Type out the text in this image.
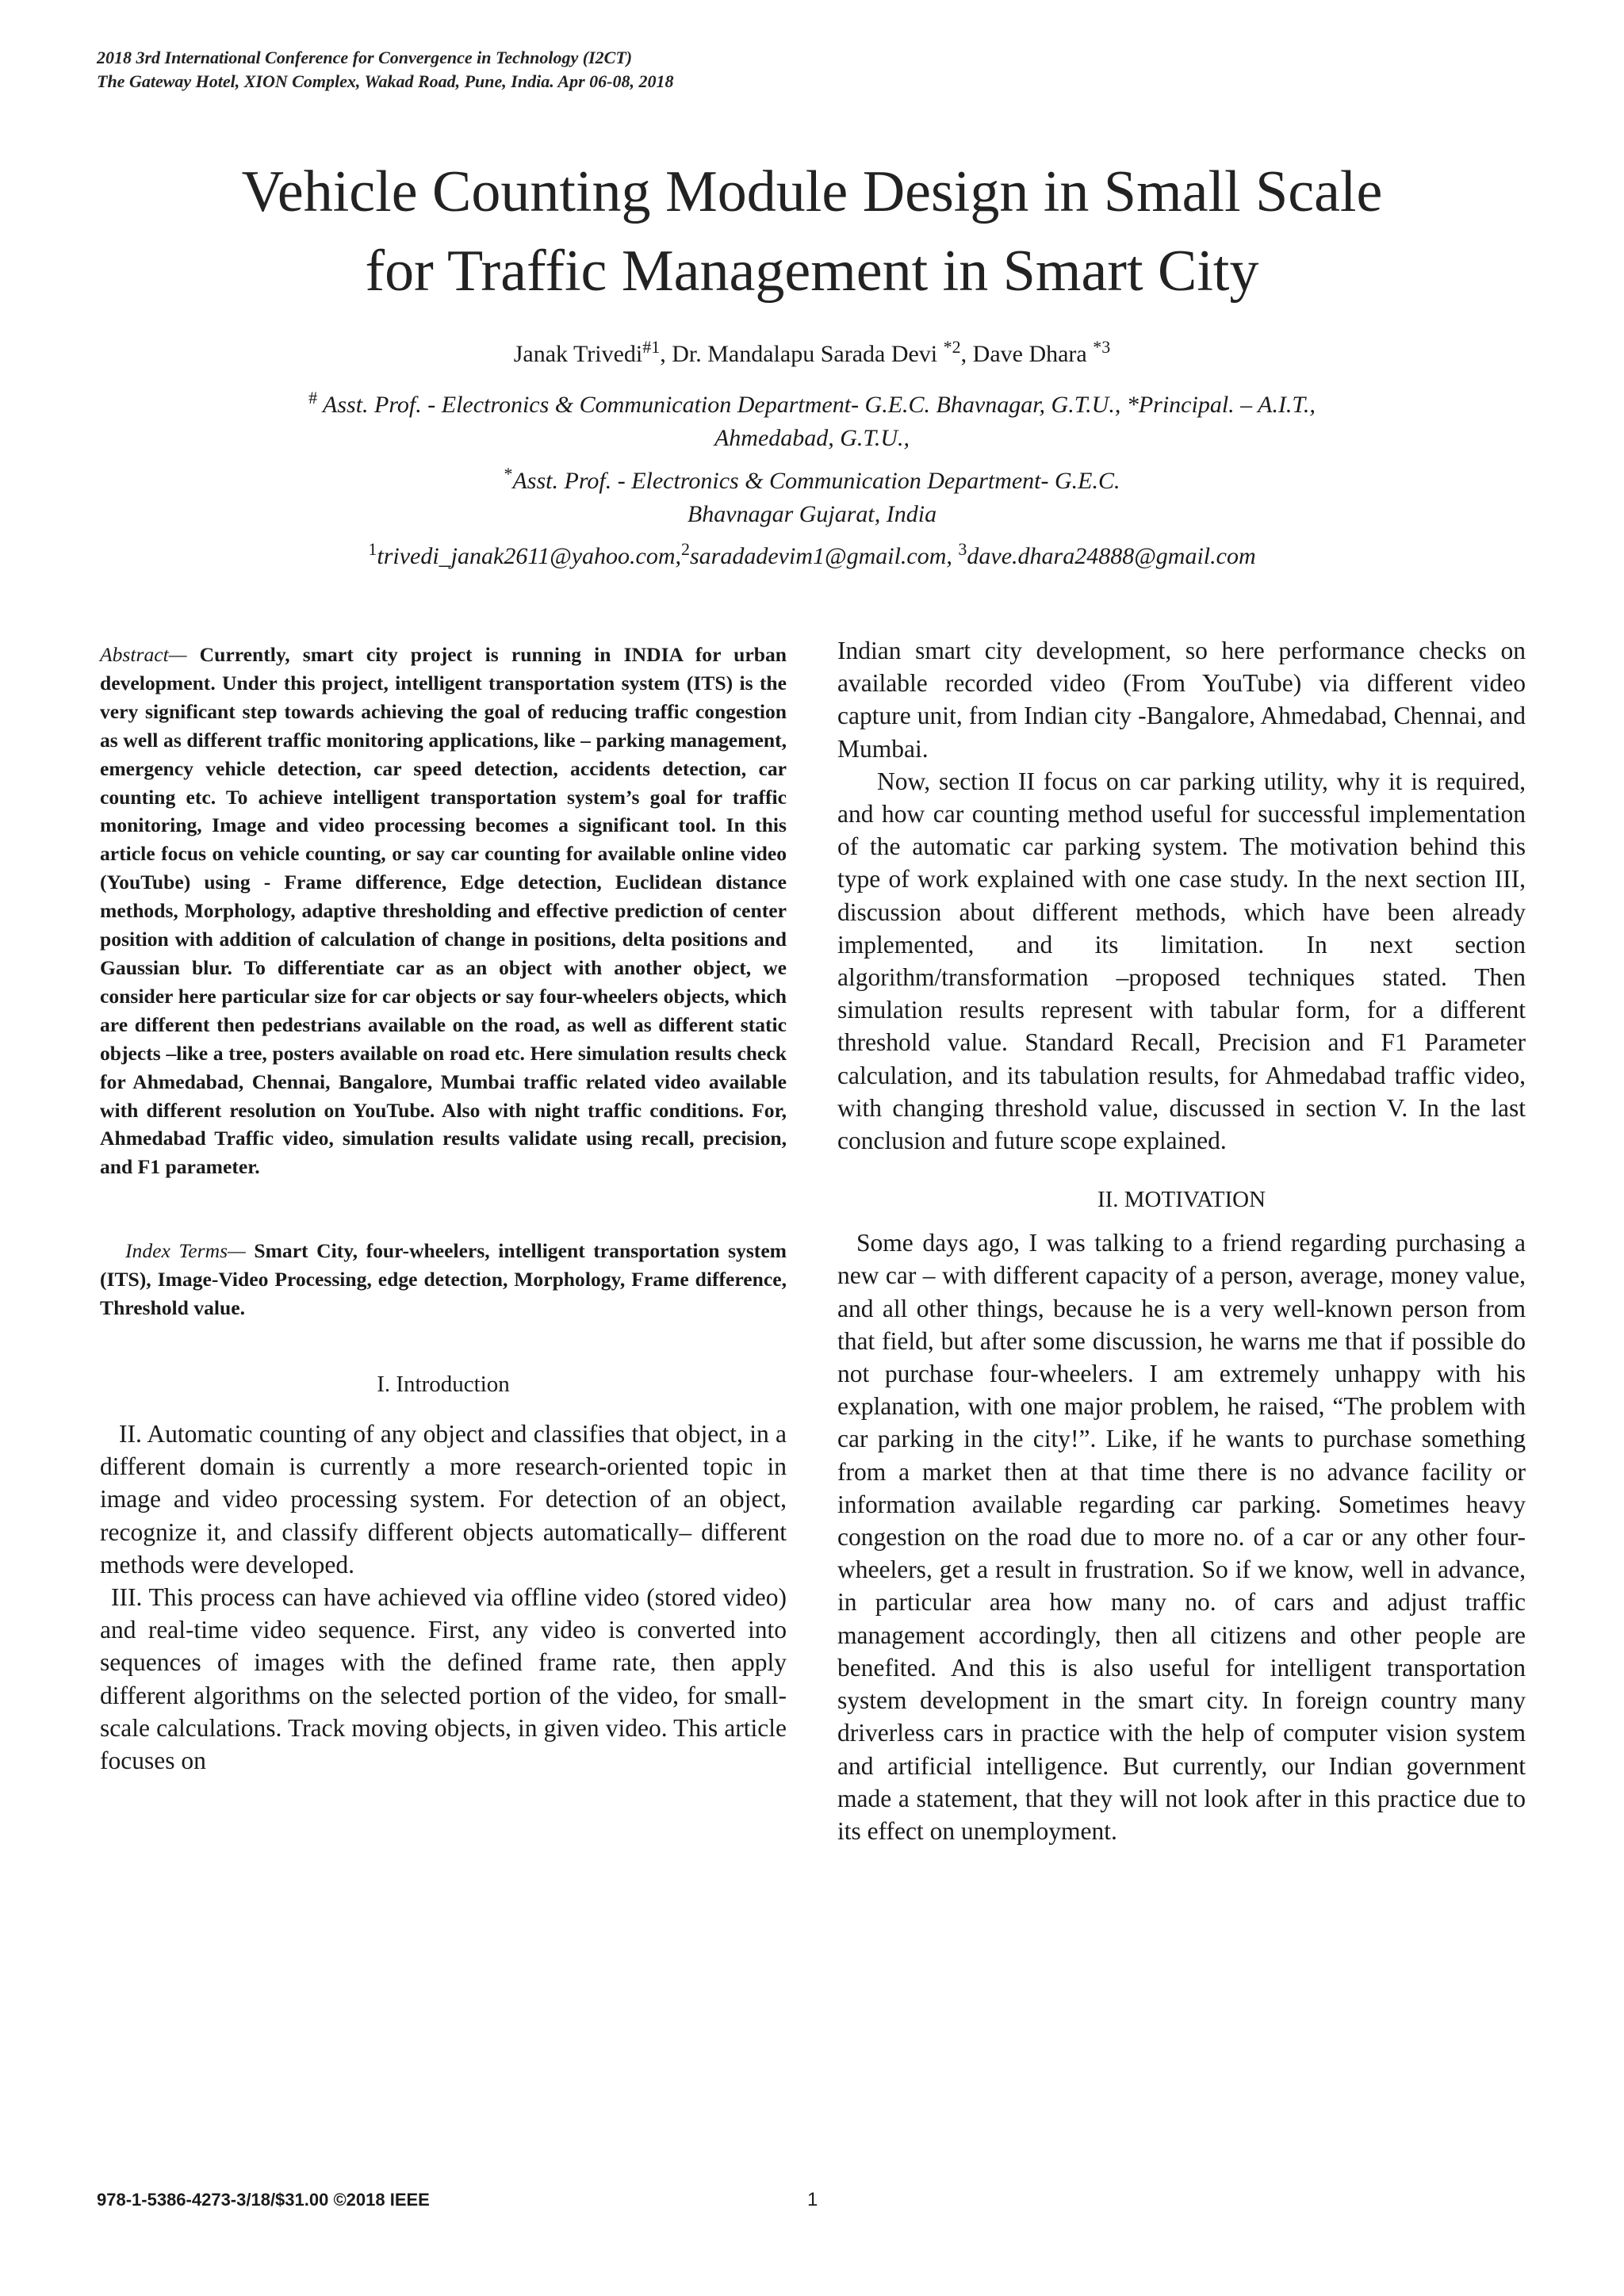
2018 3rd International Conference for Convergence in Technology (I2CT)
The Gateway Hotel, XION Complex, Wakad Road, Pune, India. Apr 06-08, 2018
Vehicle Counting Module Design in Small Scale
for Traffic Management in Smart City
Janak Trivedi$^{\#1}$, Dr. Mandalapu Sarada Devi $^{*2}$, Dave Dhara $^{*3}$
# Asst. Prof. - Electronics & Communication Department- G.E.C. Bhavnagar, G.T.U., *Principal. – A.I.T.,
Ahmedabad, G.T.U.,
*Asst. Prof. - Electronics & Communication Department- G.E.C.
Bhavnagar Gujarat, India
$^1$trivedi_janak2611@yahoo.com,$^2$saradadevim1@gmail.com, $^3$dave.dhara24888@gmail.com

Abstract— Currently, smart city project is running in INDIA for urban development. Under this project, intelligent transportation system (ITS) is the very significant step towards achieving the goal of reducing traffic congestion as well as different traffic monitoring applications, like – parking management, emergency vehicle detection, car speed detection, accidents detection, car counting etc. To achieve intelligent transportation system’s goal for traffic monitoring, Image and video processing becomes a significant tool. In this article focus on vehicle counting, or say car counting for available online video (YouTube) using - Frame difference, Edge detection, Euclidean distance methods, Morphology, adaptive thresholding and effective prediction of center position with addition of calculation of change in positions, delta positions and Gaussian blur. To differentiate car as an object with another object, we consider here particular size for car objects or say four-wheelers objects, which are different then pedestrians available on the road, as well as different static objects –like a tree, posters available on road etc. Here simulation results check for Ahmedabad, Chennai, Bangalore, Mumbai traffic related video available with different resolution on YouTube. Also with night traffic conditions. For, Ahmedabad Traffic video, simulation results validate using recall, precision, and F1 parameter.

Index Terms— Smart City, four-wheelers, intelligent transportation system (ITS), Image-Video Processing, edge detection, Morphology, Frame difference, Threshold value.

I. Introduction

II. Automatic counting of any object and classifies that object, in a different domain is currently a more research-oriented topic in image and video processing system. For detection of an object, recognize it, and classify different objects automatically– different methods were developed.

III. This process can have achieved via offline video (stored video) and real-time video sequence. First, any video is converted into sequences of images with the defined frame rate, then apply different algorithms on the selected portion of the video, for small-scale calculations. Track moving objects, in given video. This article focuses on

Indian smart city development, so here performance checks on available recorded video (From YouTube) via different video capture unit, from Indian city -Bangalore, Ahmedabad, Chennai, and Mumbai.

Now, section II focus on car parking utility, why it is required, and how car counting method useful for successful implementation of the automatic car parking system. The motivation behind this type of work explained with one case study. In the next section III, discussion about different methods, which have been already implemented, and its limitation. In next section algorithm/transformation –proposed techniques stated. Then simulation results represent with tabular form, for a different threshold value. Standard Recall, Precision and F1 Parameter calculation, and its tabulation results, for Ahmedabad traffic video, with changing threshold value, discussed in section V. In the last conclusion and future scope explained.

II. MOTIVATION

Some days ago, I was talking to a friend regarding purchasing a new car – with different capacity of a person, average, money value, and all other things, because he is a very well-known person from that field, but after some discussion, he warns me that if possible do not purchase four-wheelers. I am extremely unhappy with his explanation, with one major problem, he raised, “The problem with car parking in the city!”. Like, if he wants to purchase something from a market then at that time there is no advance facility or information available regarding car parking. Sometimes heavy congestion on the road due to more no. of a car or any other four-wheelers, get a result in frustration. So if we know, well in advance, in particular area how many no. of cars and adjust traffic management accordingly, then all citizens and other people are benefited. And this is also useful for intelligent transportation system development in the smart city. In foreign country many driverless cars in practice with the help of computer vision system and artificial intelligence. But currently, our Indian government made a statement, that they will not look after in this practice due to its effect on unemployment.

978-1-5386-4273-3/18/$31.00 ©2018 IEEE	1
